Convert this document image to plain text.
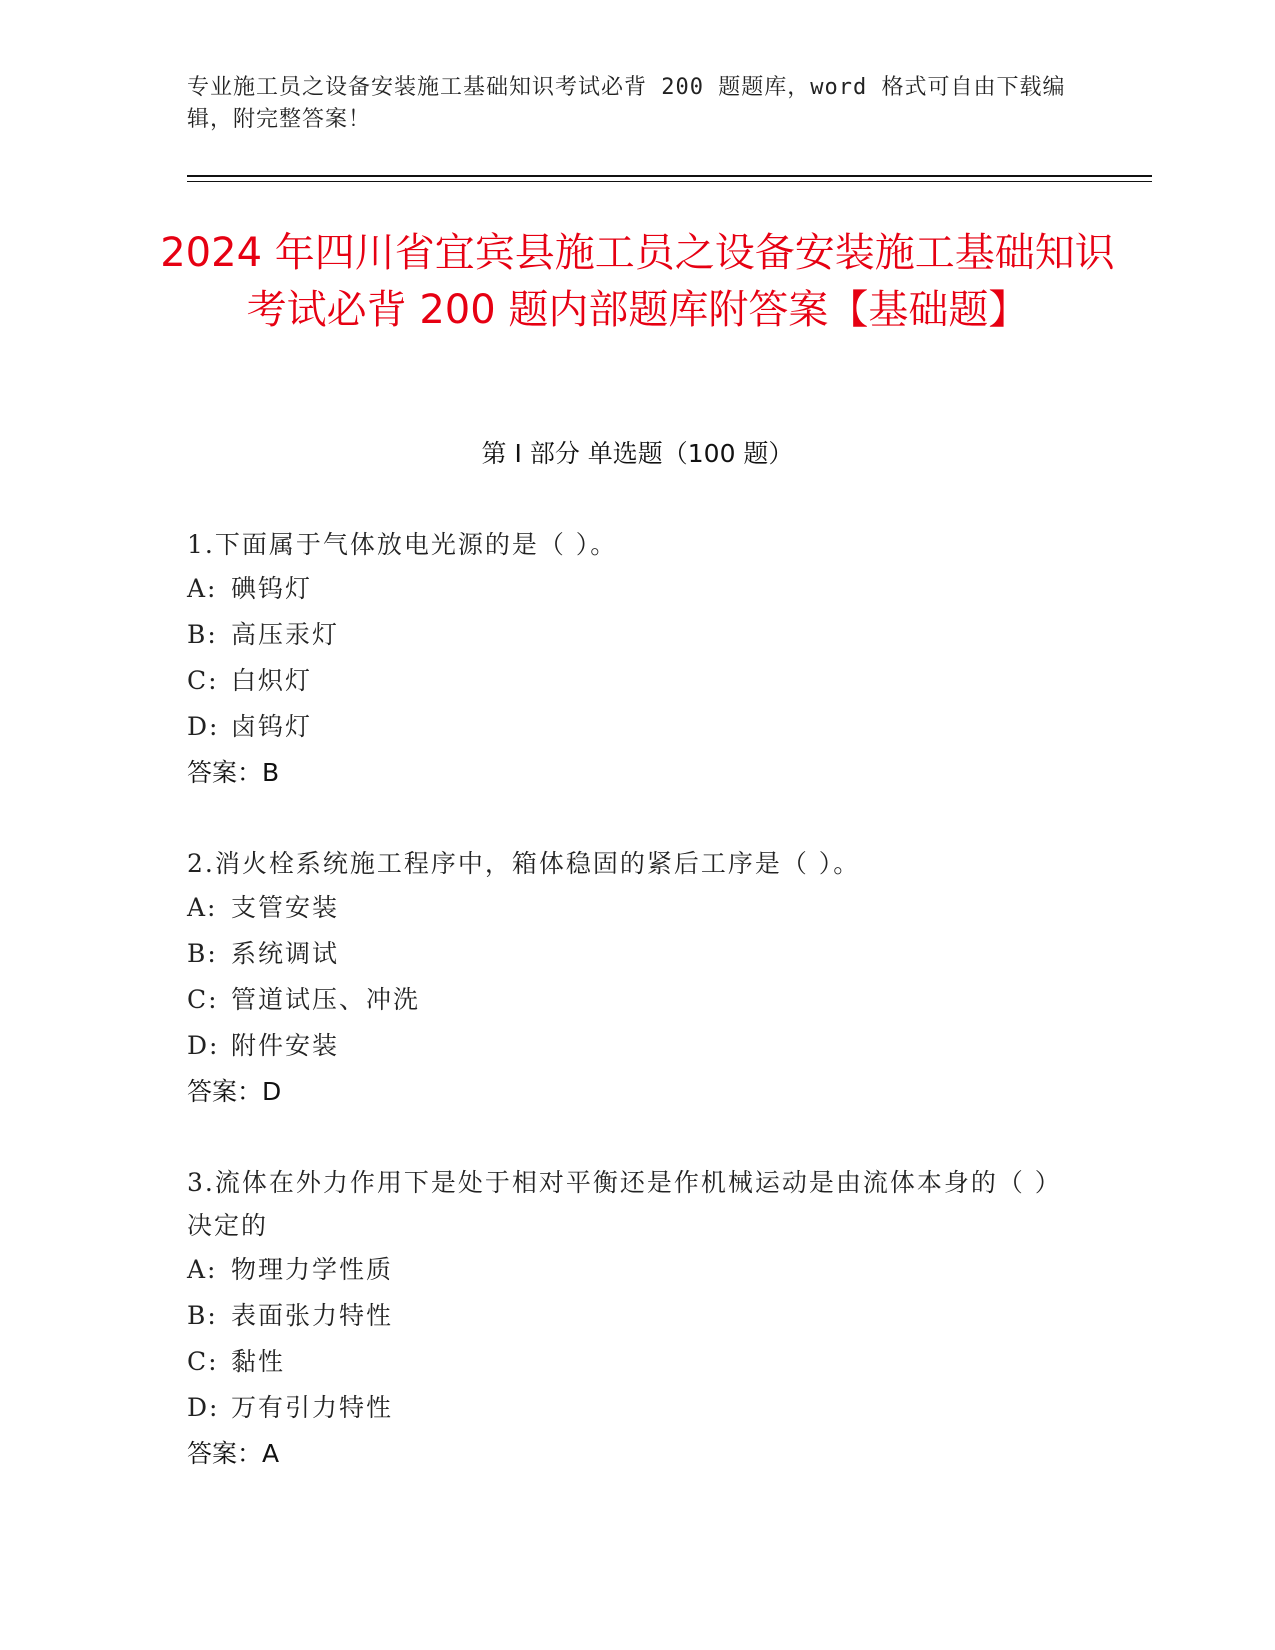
专业施工员之设备安装施工基础知识考试必背 200 题题库，word 格式可自由下载编辑，附完整答案！
2024 年四川省宜宾县施工员之设备安装施工基础知识考试必背 200 题内部题库附答案【基础题】
第 I 部分 单选题（100 题）
1.下面属于气体放电光源的是（ ）。
A: 碘钨灯
B: 高压汞灯
C: 白炽灯
D: 卤钨灯
答案：B
2.消火栓系统施工程序中，箱体稳固的紧后工序是（ ）。
A: 支管安装
B: 系统调试
C: 管道试压、冲洗
D: 附件安装
答案：D
3.流体在外力作用下是处于相对平衡还是作机械运动是由流体本身的（ ）决定的
A: 物理力学性质
B: 表面张力特性
C: 黏性
D: 万有引力特性
答案：A
